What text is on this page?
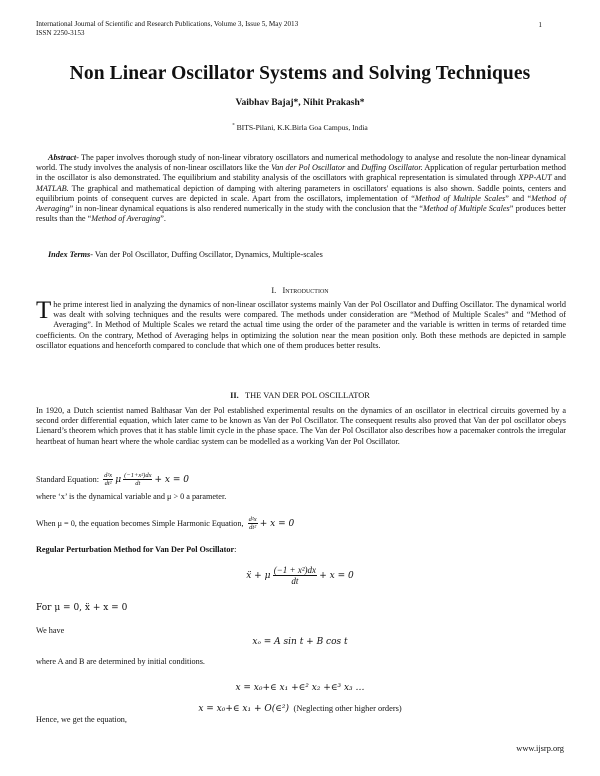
International Journal of Scientific and Research Publications, Volume 3, Issue 5, May 2013
ISSN 2250-3153
1
Non Linear Oscillator Systems and Solving Techniques
Vaibhav Bajaj*, Nihit Prakash*
* BITS-Pilani, K.K.Birla Goa Campus, India
Abstract- The paper involves thorough study of non-linear vibratory oscillators and numerical methodology to analyse and resolute the non-linear dynamical world. The study involves the analysis of non-linear oscillators like the Van der Pol Oscillator and Duffing Oscillator. Application of regular perturbation method in the oscillator is also demonstrated. The equilibrium and stability analysis of the oscillators with graphical representation is simulated through XPP-AUT and MATLAB. The graphical and mathematical depiction of damping with altering parameters in oscillators' equations is also shown. Saddle points, centers and equilibrium points of consequent curves are depicted in scale. Apart from the oscillators, implementation of “Method of Multiple Scales” and “Method of Averaging” in non-linear dynamical equations is also rendered numerically in the study with the conclusion that the “Method of Multiple Scales” produces better results than the “Method of Averaging”.
Index Terms- Van der Pol Oscillator, Duffing Oscillator, Dynamics, Multiple-scales
I. Introduction
The prime interest lied in analyzing the dynamics of non-linear oscillator systems mainly Van der Pol Oscillator and Duffing Oscillator. The dynamical world was dealt with solving techniques and the results were compared. The methods under consideration are “Method of Multiple Scales” and “Method of Averaging”. In Method of Multiple Scales we retard the actual time using the order of the parameter and the variable is written in terms of retarded time coefficients. On the contrary, Method of Averaging helps in optimizing the solution near the mean position only. Both these methods are depicted in sample oscillator equations and henceforth compared to conclude that which one of them produces better results.
II. THE VAN DER POL OSCILLATOR
In 1920, a Dutch scientist named Balthasar Van der Pol established experimental results on the dynamics of an oscillator in electrical circuits governed by a second order differential equation, which later came to be known as Van der Pol Oscillator. The consequent results also proved that Van der pol oscillator obeys Lienard’s theorem which proves that it has stable limit cycle in the phase space. The Van der Pol Oscillator also describes how a pacemaker controls the irregular heartbeat of human heart where the whole cardiac system can be modelled as a working Van der Pol Oscillator.
Standard Equation: $\frac{\text{d²x}}{\text{dt²}}$ μ $\frac{\text{(−1+x²)dx}}{dt} + x = 0$
where ‘x’ is the dynamical variable and μ > 0 a parameter.
When μ = 0, the equation becomes Simple Harmonic Equation, $\frac{\text{d²x}}{\text{dt²}} + x = 0$
Regular Perturbation Method for Van Der Pol Oscillator:
ẍ + μ $\frac{\text{(−1 + x²)dx}}{dt} + x = 0$
For μ = 0, ẍ + x = 0
We have
xₒ = A sin t + B cos t
where A and B are determined by initial conditions.
x = x₀+∈ x₁ +∈² x₂ +∈³ x₃ …
x = x₀+∈ x₁ + O(∈²) (Neglecting other higher orders)
Hence, we get the equation,
www.ijsrp.org
